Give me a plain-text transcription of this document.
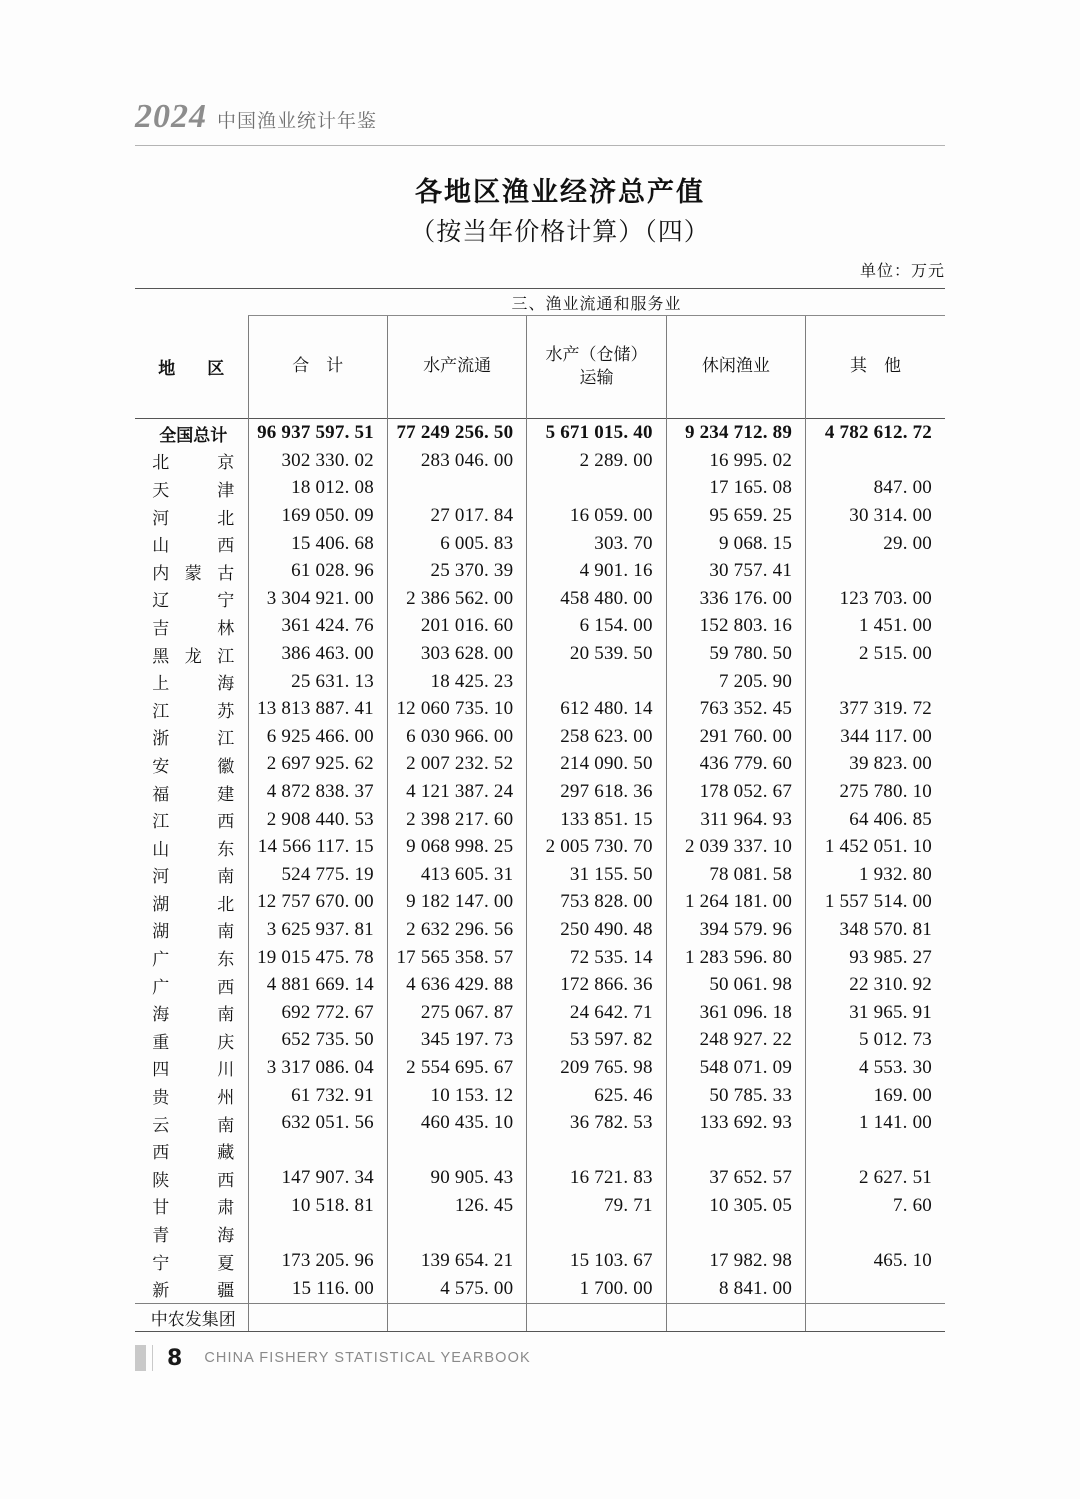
2024 中国渔业统计年鉴
各地区渔业经济总产值
（按当年价格计算）（四）
单位：万元
	三、渔业流通和服务业				
地　区	合　计	水产流通	水产（仓储）
运输	休闲渔业	其　他
全国总计	96 937 597. 51	77 249 256. 50	5 671 015. 40	9 234 712. 89	4 782 612. 72
北京	302 330. 02	283 046. 00	2 289. 00	16 995. 02	
天津	18 012. 08			17 165. 08	847. 00
河北	169 050. 09	27 017. 84	16 059. 00	95 659. 25	30 314. 00
山西	15 406. 68	6 005. 83	303. 70	9 068. 15	29. 00
内蒙古	61 028. 96	25 370. 39	4 901. 16	30 757. 41	
辽宁	3 304 921. 00	2 386 562. 00	458 480. 00	336 176. 00	123 703. 00
吉林	361 424. 76	201 016. 60	6 154. 00	152 803. 16	1 451. 00
黑龙江	386 463. 00	303 628. 00	20 539. 50	59 780. 50	2 515. 00
上海	25 631. 13	18 425. 23		7 205. 90	
江苏	13 813 887. 41	12 060 735. 10	612 480. 14	763 352. 45	377 319. 72
浙江	6 925 466. 00	6 030 966. 00	258 623. 00	291 760. 00	344 117. 00
安徽	2 697 925. 62	2 007 232. 52	214 090. 50	436 779. 60	39 823. 00
福建	4 872 838. 37	4 121 387. 24	297 618. 36	178 052. 67	275 780. 10
江西	2 908 440. 53	2 398 217. 60	133 851. 15	311 964. 93	64 406. 85
山东	14 566 117. 15	9 068 998. 25	2 005 730. 70	2 039 337. 10	1 452 051. 10
河南	524 775. 19	413 605. 31	31 155. 50	78 081. 58	1 932. 80
湖北	12 757 670. 00	9 182 147. 00	753 828. 00	1 264 181. 00	1 557 514. 00
湖南	3 625 937. 81	2 632 296. 56	250 490. 48	394 579. 96	348 570. 81
广东	19 015 475. 78	17 565 358. 57	72 535. 14	1 283 596. 80	93 985. 27
广西	4 881 669. 14	4 636 429. 88	172 866. 36	50 061. 98	22 310. 92
海南	692 772. 67	275 067. 87	24 642. 71	361 096. 18	31 965. 91
重庆	652 735. 50	345 197. 73	53 597. 82	248 927. 22	5 012. 73
四川	3 317 086. 04	2 554 695. 67	209 765. 98	548 071. 09	4 553. 30
贵州	61 732. 91	10 153. 12	625. 46	50 785. 33	169. 00
云南	632 051. 56	460 435. 10	36 782. 53	133 692. 93	1 141. 00
西藏					
陕西	147 907. 34	90 905. 43	16 721. 83	37 652. 57	2 627. 51
甘肃	10 518. 81	126. 45	79. 71	10 305. 05	7. 60
青海					
宁夏	173 205. 96	139 654. 21	15 103. 67	17 982. 98	465. 10
新疆	15 116. 00	4 575. 00	1 700. 00	8 841. 00	
中农发集团					
8 CHINA FISHERY STATISTICAL YEARBOOK
